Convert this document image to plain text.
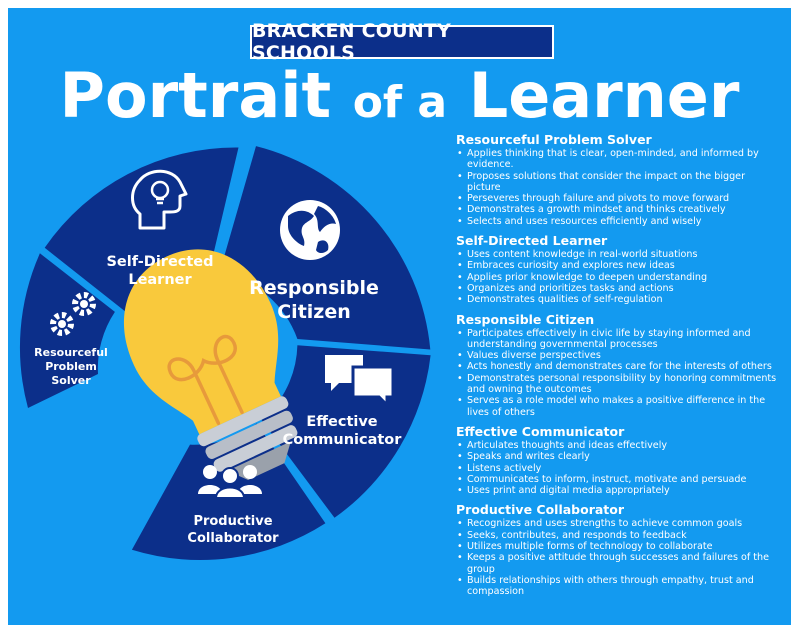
BRACKEN COUNTY SCHOOLS
Portrait of a Learner
Self-Directed
Learner	Responsible
Citizen
Effective
Communicator
Productive
Collaborator
Resourceful
Problem
Solver
Resourceful Problem Solver
• Applies thinking that is clear, open-minded, and informed by evidence.
• Proposes solutions that consider the impact on the bigger picture
• Perseveres through failure and pivots to move forward
• Demonstrates a growth mindset and thinks creatively
• Selects and uses resources efficiently and wisely
Self-Directed Learner
• Uses content knowledge in real-world situations
• Embraces curiosity and explores new ideas
• Applies prior knowledge to deepen understanding
• Organizes and prioritizes tasks and actions
• Demonstrates qualities of self-regulation
Responsible Citizen
• Participates effectively in civic life by staying informed and understanding governmental processes
• Values diverse perspectives
• Acts honestly and demonstrates care for the interests of others
• Demonstrates personal responsibility by honoring commitments and owning the outcomes
• Serves as a role model who makes a positive difference in the lives of others
Effective Communicator
• Articulates thoughts and ideas effectively
• Speaks and writes clearly
• Listens actively
• Communicates to inform, instruct, motivate and persuade
• Uses print and digital media appropriately
Productive Collaborator
• Recognizes and uses strengths to achieve common goals
• Seeks, contributes, and responds to feedback
• Utilizes multiple forms of technology to collaborate
• Keeps a positive attitude through successes and failures of the group
• Builds relationships with others through empathy, trust and compassion
